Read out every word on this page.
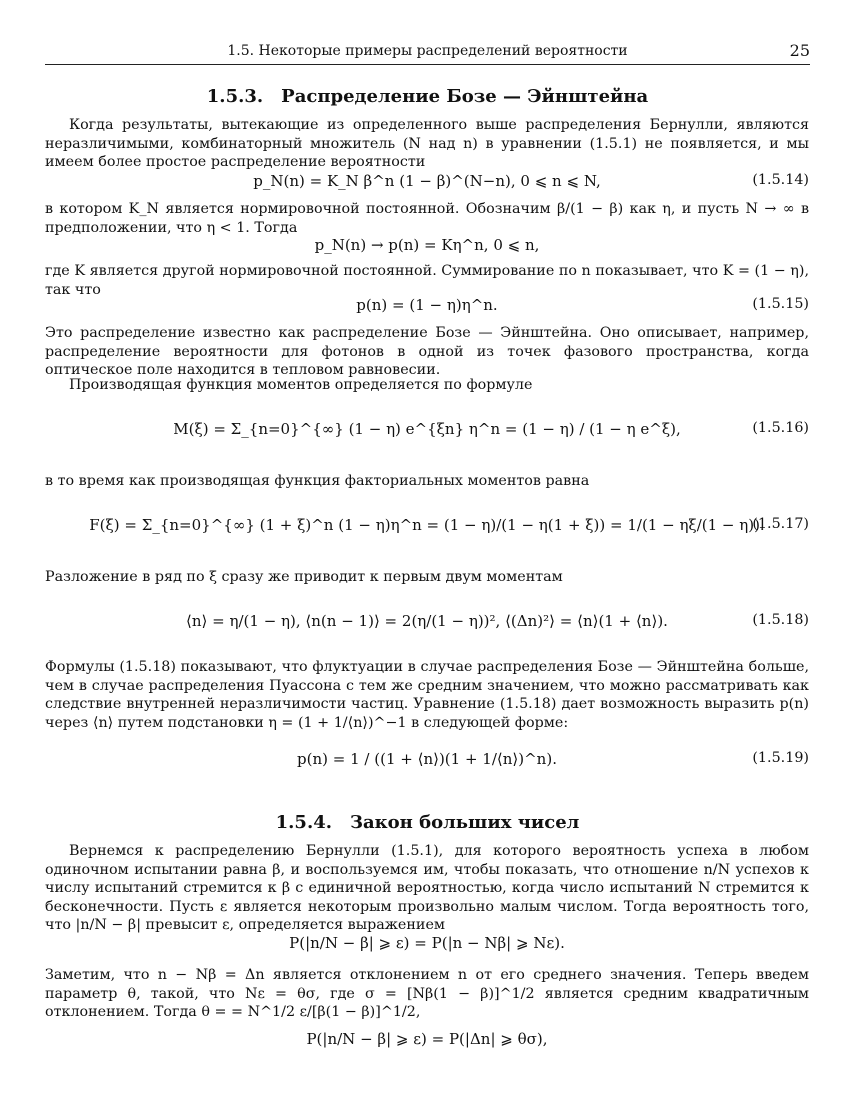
1.5. Некоторые примеры распределений вероятности	25
1.5.3. Распределение Бозе — Эйнштейна

Когда результаты, вытекающие из определенного выше распределения Бернулли, являются неразличимыми, комбинаторный множитель (N над n) в уравнении (1.5.1) не появляется, и мы имеем более простое распределение вероятности

p_N(n) = K_N β^n (1 − β)^(N−n), 0 ⩽ n ⩽ N,	(1.5.14)

в котором K_N является нормировочной постоянной. Обозначим β/(1 − β) как η, и пусть N → ∞ в предположении, что η < 1. Тогда

p_N(n) → p(n) = Kη^n, 0 ⩽ n,

где K является другой нормировочной постоянной. Суммирование по n показывает, что K = (1 − η), так что

p(n) = (1 − η)η^n.	(1.5.15)

Это распределение известно как распределение Бозе — Эйнштейна. Оно описывает, например, распределение вероятности для фотонов в одной из точек фазового пространства, когда оптическое поле находится в тепловом равновесии.

Производящая функция моментов определяется по формуле

M(ξ) = Σ_{n=0}^{∞} (1 − η) e^{ξn} η^n = (1 − η) / (1 − η e^ξ),	(1.5.16)

в то время как производящая функция факториальных моментов равна

F(ξ) = Σ_{n=0}^{∞} (1 + ξ)^n (1 − η)η^n = (1 − η)/(1 − η(1 + ξ)) = 1/(1 − ηξ/(1 − η)).
(1.5.17)

Разложение в ряд по ξ сразу же приводит к первым двум моментам

⟨n⟩ = η/(1 − η), ⟨n(n − 1)⟩ = 2(η/(1 − η))², ⟨(Δn)²⟩ = ⟨n⟩(1 + ⟨n⟩).	(1.5.18)

Формулы (1.5.18) показывают, что флуктуации в случае распределения Бозе — Эйнштейна больше, чем в случае распределения Пуассона с тем же средним значением, что можно рассматривать как следствие внутренней неразличимости частиц. Уравнение (1.5.18) дает возможность выразить p(n) через ⟨n⟩ путем подстановки η = (1 + 1/⟨n⟩)^−1 в следующей форме:

p(n) = 1 / ((1 + ⟨n⟩)(1 + 1/⟨n⟩)^n).	(1.5.19)
1.5.4. Закон больших чисел

Вернемся к распределению Бернулли (1.5.1), для которого вероятность успеха в любом одиночном испытании равна β, и воспользуемся им, чтобы показать, что отношение n/N успехов к числу испытаний стремится к β с единичной вероятностью, когда число испытаний N стремится к бесконечности. Пусть ε является некоторым произвольно малым числом. Тогда вероятность того, что |n/N − β| превысит ε, определяется выражением

P(|n/N − β| ⩾ ε) = P(|n − Nβ| ⩾ Nε).

Заметим, что n − Nβ = Δn является отклонением n от его среднего значения. Теперь введем параметр θ, такой, что Nε = θσ, где σ = [Nβ(1 − β)]^1/2 является средним квадратичным отклонением. Тогда θ = = N^1/2 ε/[β(1 − β)]^1/2,

P(|n/N − β| ⩾ ε) = P(|Δn| ⩾ θσ),
